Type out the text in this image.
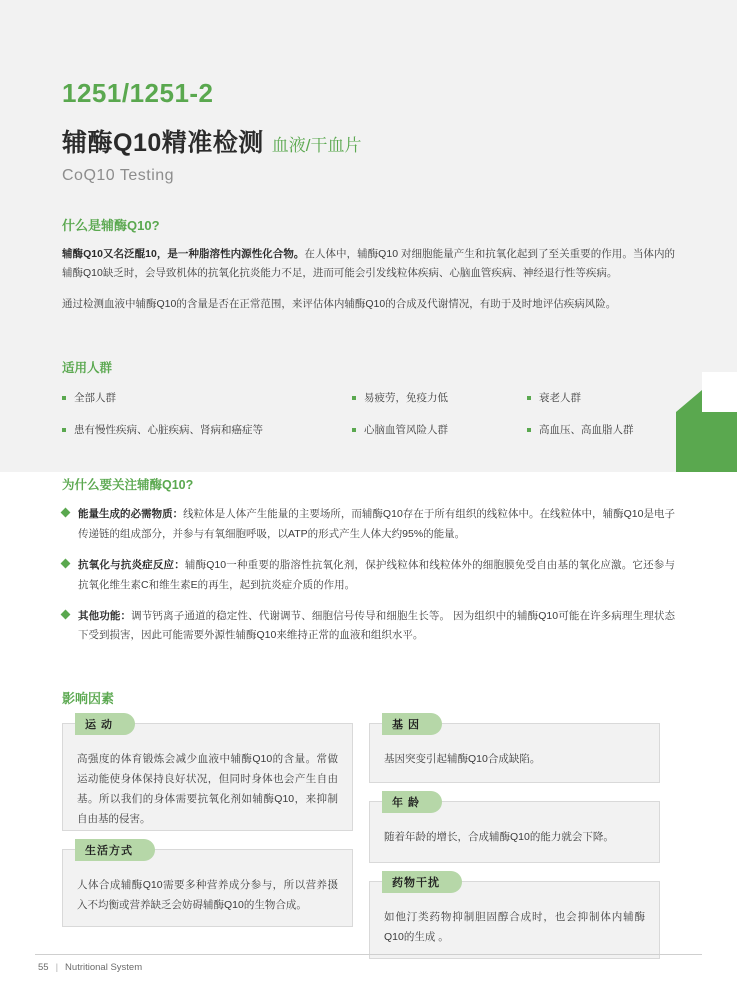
1251/1251-2
辅酶Q10精准检测 血液/干血片
CoQ10 Testing
什么是辅酶Q10?
辅酶Q10又名泛醌10，是一种脂溶性内源性化合物。在人体中，辅酶Q10 对细胞能量产生和抗氧化起到了至关重要的作用。当体内的辅酶Q10缺乏时，会导致机体的抗氧化抗炎能力不足，进而可能会引发线粒体疾病、心脑血管疾病、神经退行性等疾病。
通过检测血液中辅酶Q10的含量是否在正常范围，来评估体内辅酶Q10的合成及代谢情况，有助于及时地评估疾病风险。
适用人群
全部人群	易疲劳，免疫力低	衰老人群
患有慢性疾病、心脏疾病、肾病和癌症等	心脑血管风险人群	高血压、高血脂人群
为什么要关注辅酶Q10?
能量生成的必需物质：线粒体是人体产生能量的主要场所，而辅酶Q10存在于所有组织的线粒体中。在线粒体中，辅酶Q10是电子传递链的组成部分，并参与有氧细胞呼吸，以ATP的形式产生人体大约95%的能量。
抗氧化与抗炎症反应：辅酶Q10一种重要的脂溶性抗氧化剂，保护线粒体和线粒体外的细胞膜免受自由基的氧化应激。它还参与抗氧化维生素C和维生素E的再生，起到抗炎症介质的作用。
其他功能：调节钙离子通道的稳定性、代谢调节、细胞信号传导和细胞生长等。 因为组织中的辅酶Q10可能在许多病理生理状态下受到损害，因此可能需要外源性辅酶Q10来维持正常的血液和组织水平。
影响因素
运 动
高强度的体育锻炼会减少血液中辅酶Q10的含量。常做运动能使身体保持良好状况，但同时身体也会产生自由基。所以我们的身体需要抗氧化剂如辅酶Q10，来抑制自由基的侵害。
生活方式
人体合成辅酶Q10需要多种营养成分参与，所以营养摄入不均衡或营养缺乏会妨碍辅酶Q10的生物合成。
基 因
基因突变引起辅酶Q10合成缺陷。
年 龄
随着年龄的增长，合成辅酶Q10的能力就会下降。
药物干扰
如他汀类药物抑制胆固醇合成时，也会抑制体内辅酶Q10的生成 。
55 | Nutritional System
